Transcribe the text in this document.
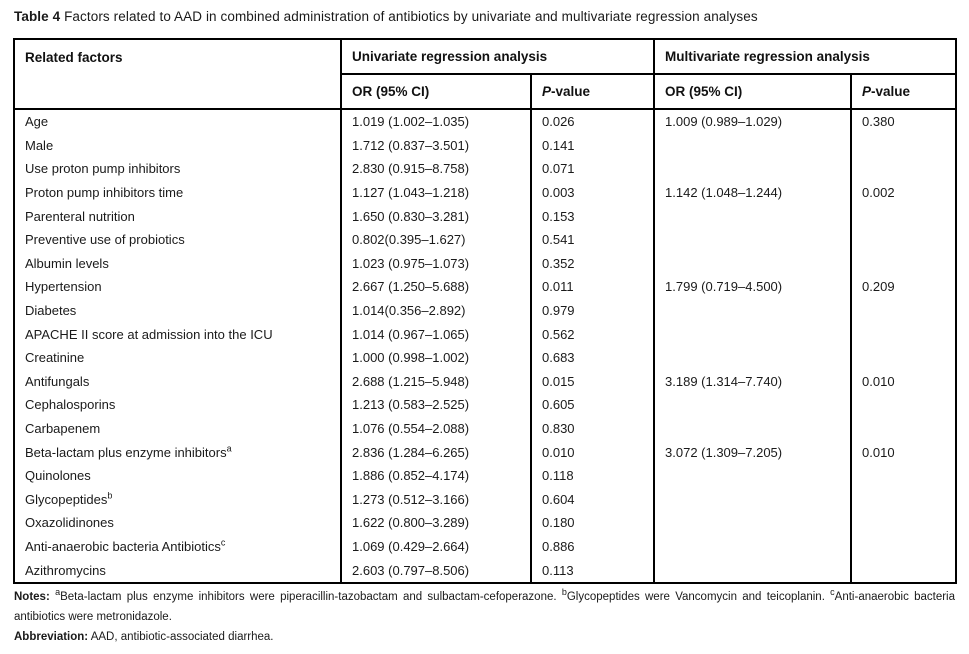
Table 4 Factors related to AAD in combined administration of antibiotics by univariate and multivariate regression analyses
Related factors	Univariate regression analysis		Multivariate regression analysis	
	OR (95% CI)	P-value	OR (95% CI)	P-value
Age	1.019 (1.002–1.035)	0.026	1.009 (0.989–1.029)	0.380
Male	1.712 (0.837–3.501)	0.141		
Use proton pump inhibitors	2.830 (0.915–8.758)	0.071		
Proton pump inhibitors time	1.127 (1.043–1.218)	0.003	1.142 (1.048–1.244)	0.002
Parenteral nutrition	1.650 (0.830–3.281)	0.153		
Preventive use of probiotics	0.802(0.395–1.627)	0.541		
Albumin levels	1.023 (0.975–1.073)	0.352		
Hypertension	2.667 (1.250–5.688)	0.011	1.799 (0.719–4.500)	0.209
Diabetes	1.014(0.356–2.892)	0.979		
APACHE II score at admission into the ICU	1.014 (0.967–1.065)	0.562		
Creatinine	1.000 (0.998–1.002)	0.683		
Antifungals	2.688 (1.215–5.948)	0.015	3.189 (1.314–7.740)	0.010
Cephalosporins	1.213 (0.583–2.525)	0.605		
Carbapenem	1.076 (0.554–2.088)	0.830		
Beta-lactam plus enzyme inhibitors$^a$	2.836 (1.284–6.265)	0.010	3.072 (1.309–7.205)	0.010
Quinolones	1.886 (0.852–4.174)	0.118		
Glycopeptides$^b$	1.273 (0.512–3.166)	0.604		
Oxazolidinones	1.622 (0.800–3.289)	0.180		
Anti-anaerobic bacteria Antibiotics$^c$	1.069 (0.429–2.664)	0.886		
Azithromycins	2.603 (0.797–8.506)	0.113		
Notes: $^a$Beta-lactam plus enzyme inhibitors were piperacillin-tazobactam and sulbactam-cefoperazone. $^b$Glycopeptides were Vancomycin and teicoplanin. $^c$Anti-anaerobic bacteria antibiotics were metronidazole.
Abbreviation: AAD, antibiotic-associated diarrhea.
